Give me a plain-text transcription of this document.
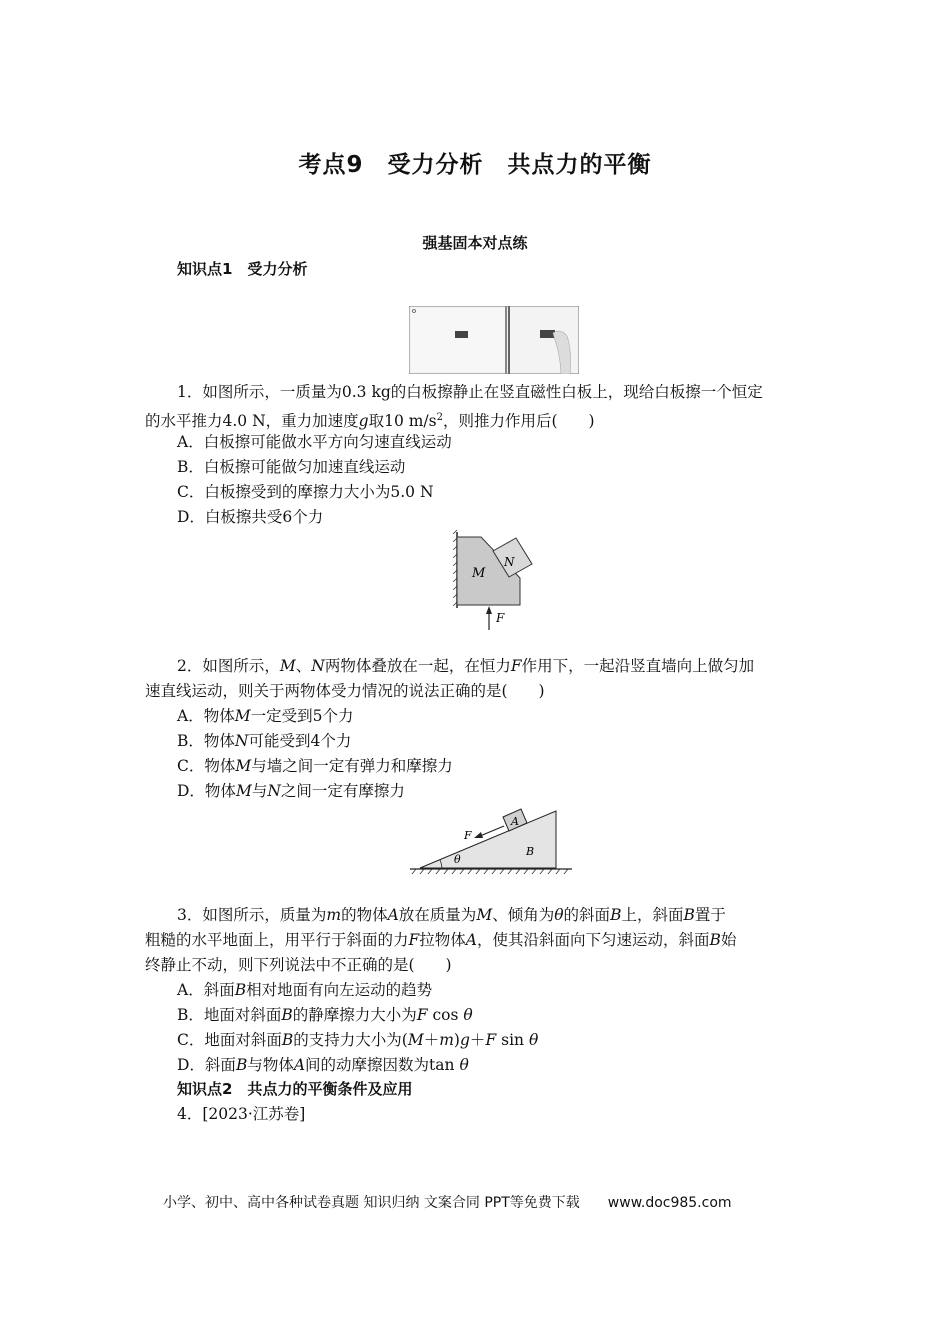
考点9　受力分析　共点力的平衡
强基固本对点练
知识点1　受力分析
1．如图所示，一质量为0.3 kg的白板擦静止在竖直磁性白板上，现给白板擦一个恒定
的水平推力4.0 N，重力加速度g取10 $m/s^2$，则推力作用后(　　)
A．白板擦可能做水平方向匀速直线运动
B．白板擦可能做匀加速直线运动
C．白板擦受到的摩擦力大小为5.0 N
D．白板擦共受6个力
M
N
F
2．如图所示，M、N两物体叠放在一起，在恒力F作用下，一起沿竖直墙向上做匀加
速直线运动，则关于两物体受力情况的说法正确的是(　　)
A．物体M一定受到5个力
B．物体N可能受到4个力
C．物体M与墙之间一定有弹力和摩擦力
D．物体M与N之间一定有摩擦力
A
F
θ
B
3．如图所示，质量为m的物体A放在质量为M、倾角为θ的斜面B上，斜面B置于
粗糙的水平地面上，用平行于斜面的力F拉物体A，使其沿斜面向下匀速运动，斜面B始
终静止不动，则下列说法中不正确的是(　　)
A．斜面B相对地面有向左运动的趋势
B．地面对斜面B的静摩擦力大小为F cos θ
C．地面对斜面B的支持力大小为(M＋m)g＋F sin θ
D．斜面B与物体A间的动摩擦因数为tan θ
知识点2　共点力的平衡条件及应用
4．[2023·江苏卷]
小学、初中、高中各种试卷真题 知识归纳 文案合同 PPT等免费下载 www.doc985.com
